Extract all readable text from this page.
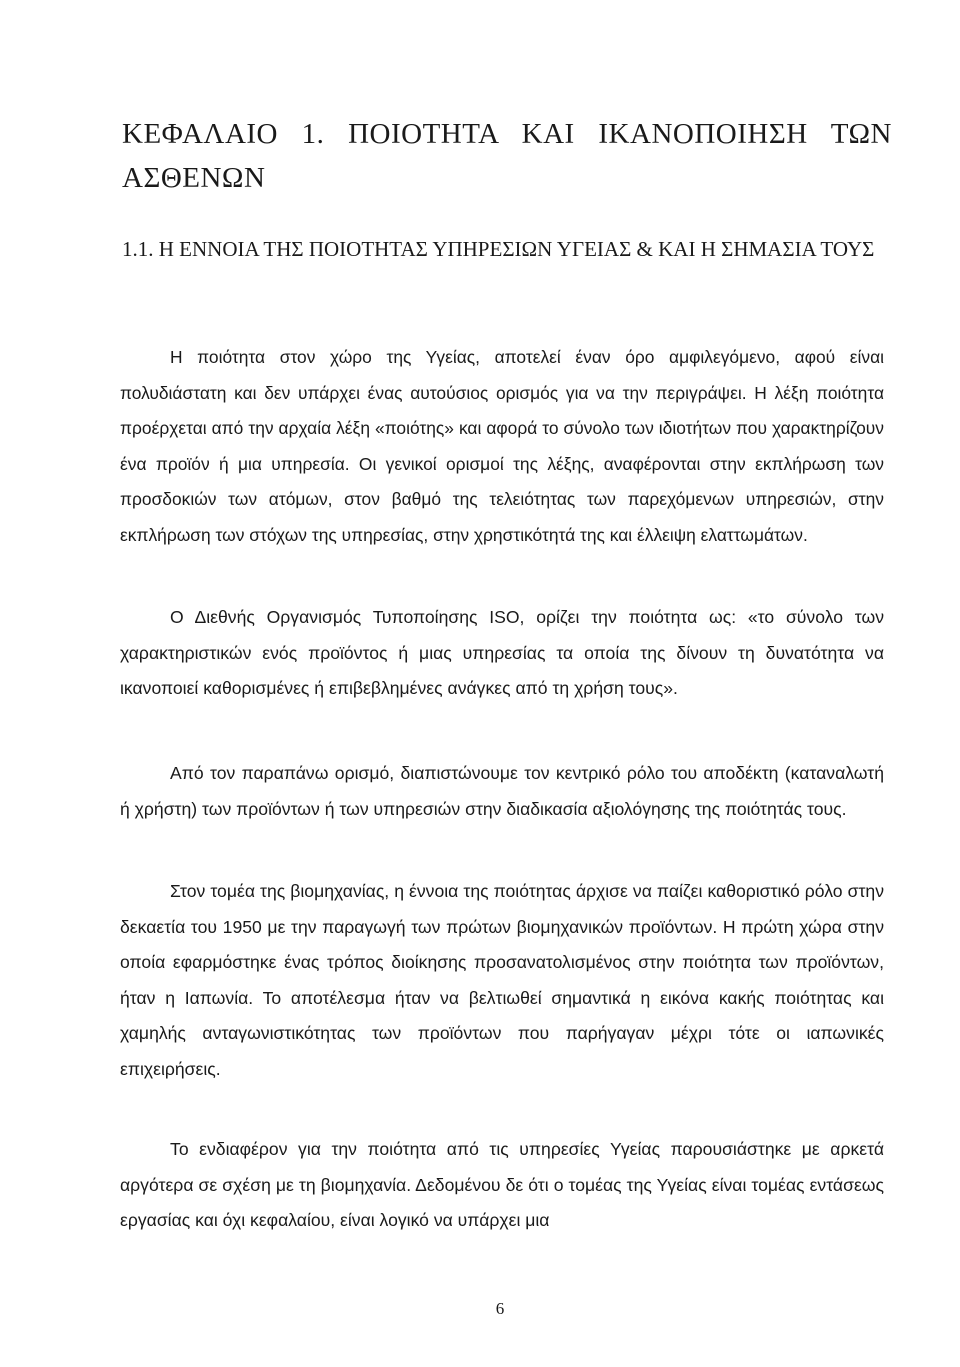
ΚΕΦΑΛΑΙΟ 1. ΠΟΙΟΤΗΤΑ ΚΑΙ ΙΚΑΝΟΠΟΙΗΣΗ ΤΩΝ ΑΣΘΕΝΩΝ
1.1. Η ΕΝΝΟΙΑ ΤΗΣ ΠΟΙΟΤΗΤΑΣ ΥΠΗΡΕΣΙΩΝ ΥΓΕΙΑΣ & ΚΑΙ Η ΣΗΜΑΣΙΑ ΤΟΥΣ

Η ποιότητα στον χώρο της Υγείας, αποτελεί έναν όρο αμφιλεγόμενο, αφού είναι πολυδιάστατη και δεν υπάρχει ένας αυτούσιος ορισμός για να την περιγράψει. Η λέξη ποιότητα προέρχεται από την αρχαία λέξη «ποιότης» και αφορά το σύνολο των ιδιοτήτων που χαρακτηρίζουν ένα προϊόν ή μια υπηρεσία. Οι γενικοί ορισμοί της λέξης, αναφέρονται στην εκπλήρωση των προσδοκιών των ατόμων, στον βαθμό της τελειότητας των παρεχόμενων υπηρεσιών, στην εκπλήρωση των στόχων της υπηρεσίας, στην χρηστικότητά της και έλλειψη ελαττωμάτων.

Ο Διεθνής Οργανισμός Τυποποίησης ISO, ορίζει την ποιότητα ως: «το σύνολο των χαρακτηριστικών ενός προϊόντος ή μιας υπηρεσίας τα οποία της δίνουν τη δυνατότητα να ικανοποιεί καθορισμένες ή επιβεβλημένες ανάγκες από τη χρήση τους».

Από τον παραπάνω ορισμό, διαπιστώνουμε τον κεντρικό ρόλο του αποδέκτη (καταναλωτή ή χρήστη) των προϊόντων ή των υπηρεσιών στην διαδικασία αξιολόγησης της ποιότητάς τους.

Στον τομέα της βιομηχανίας, η έννοια της ποιότητας άρχισε να παίζει καθοριστικό ρόλο στην δεκαετία του 1950 με την παραγωγή των πρώτων βιομηχανικών προϊόντων. Η πρώτη χώρα στην οποία εφαρμόστηκε ένας τρόπος διοίκησης προσανατολισμένος στην ποιότητα των προϊόντων, ήταν η Ιαπωνία. Το αποτέλεσμα ήταν να βελτιωθεί σημαντικά η εικόνα κακής ποιότητας και χαμηλής ανταγωνιστικότητας των προϊόντων που παρήγαγαν μέχρι τότε οι ιαπωνικές επιχειρήσεις.

Το ενδιαφέρον για την ποιότητα από τις υπηρεσίες Υγείας παρουσιάστηκε με αρκετά αργότερα σε σχέση με τη βιομηχανία. Δεδομένου δε ότι ο τομέας της Υγείας είναι τομέας εντάσεως εργασίας και όχι κεφαλαίου, είναι λογικό να υπάρχει μια

6
